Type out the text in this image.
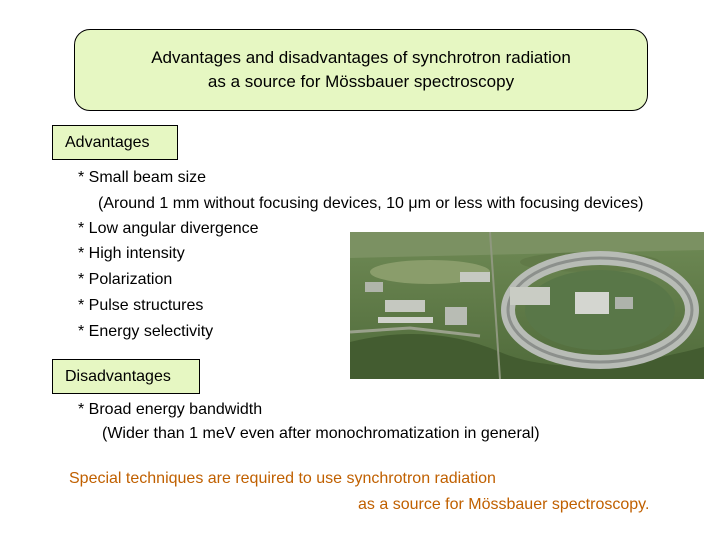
Advantages and disadvantages of synchrotron radiation
as a source for Mössbauer spectroscopy
Advantages
* Small beam size
(Around 1 mm without focusing devices, 10 μm or less with focusing devices)
* Low angular divergence
* High intensity
* Polarization
* Pulse structures
* Energy selectivity
Disadvantages
* Broad energy bandwidth
(Wider than 1 meV even after monochromatization in general)
Special techniques are required to use synchrotron radiation
as a source for Mössbauer spectroscopy.
